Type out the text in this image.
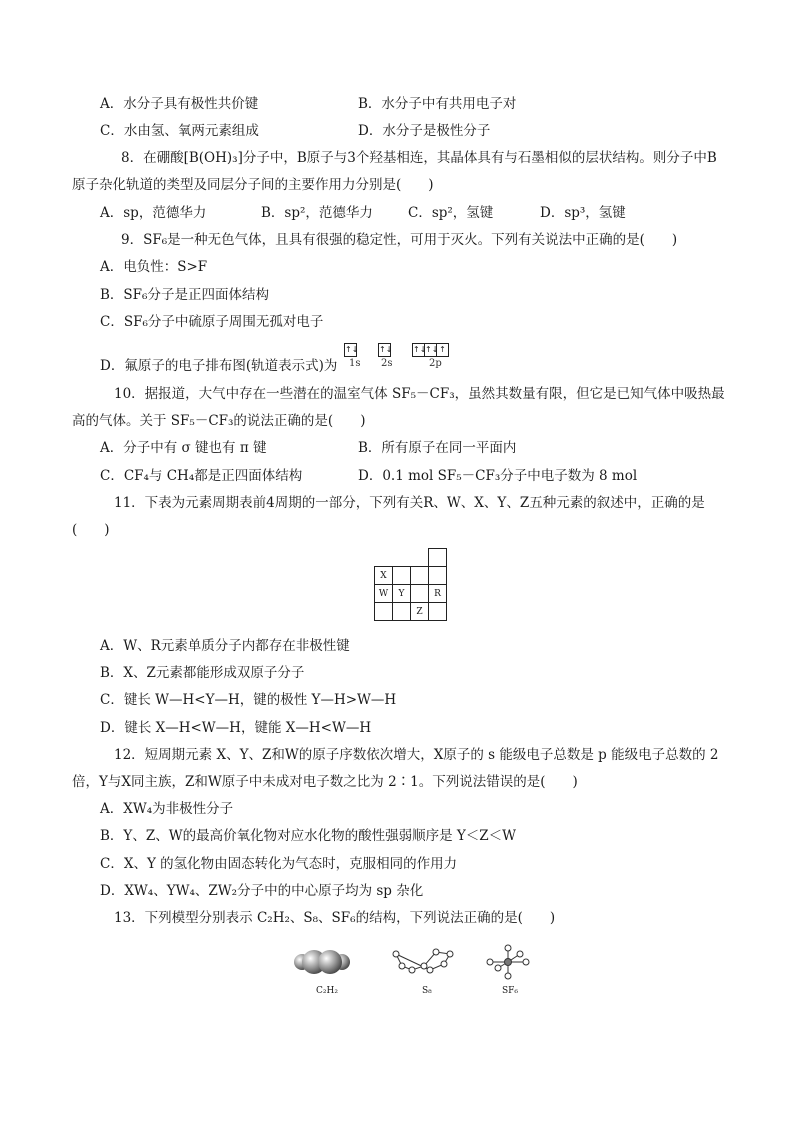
A．水分子具有极性共价键	B．水分子中有共用电子对
C．水由氢、氧两元素组成	D．水分子是极性分子
8．在硼酸[B(OH)₃]分子中，B原子与3个羟基相连，其晶体具有与石墨相似的层状结构。则分子中B
原子杂化轨道的类型及同层分子间的主要作用力分别是(　　)
A．sp，范德华力	B．sp²，范德华力	C．sp²，氢键	D．sp³，氢键
9．SF₆是一种无色气体，且具有很强的稳定性，可用于灭火。下列有关说法中正确的是(　　)
A．电负性：S>F
B．SF₆分子是正四面体结构
C．SF₆分子中硫原子周围无孤对电子
D．氟原子的电子排布图(轨道表示式)为
↑↓	↑↓	↑↓
↑↓ ↑
1s 2s	2p
10．据报道，大气中存在一些潜在的温室气体 SF₅－CF₃，虽然其数量有限，但它是已知气体中吸热最
高的气体。关于 SF₅－CF₃的说法正确的是(　　)
A．分子中有 σ 键也有 π 键	B．所有原子在同一平面内
C．CF₄与 CH₄都是正四面体结构	D．0.1 mol SF₅－CF₃分子中电子数为 8 mol
11．下表为元素周期表前4周期的一部分，下列有关R、W、X、Y、Z五种元素的叙述中，正确的是
(　　)

X			
W	Y		R
		Z	
A．W、R元素单质分子内都存在非极性键
B．X、Z元素都能形成双原子分子
C．键长 W—H<Y—H，键的极性 Y—H>W—H
D．键长 X—H<W—H，键能 X—H<W—H
12．短周期元素 X、Y、Z和W的原子序数依次增大，X原子的 s 能级电子总数是 p 能级电子总数的 2
倍，Y与X同主族，Z和W原子中未成对电子数之比为 2∶1。下列说法错误的是(　　)
A．XW₄为非极性分子
B．Y、Z、W的最高价氧化物对应水化物的酸性强弱顺序是 Y＜Z＜W
C．X、Y 的氢化物由固态转化为气态时，克服相同的作用力
D．XW₄、YW₄、ZW₂分子中的中心原子均为 sp 杂化
13．下列模型分别表示 C₂H₂、S₈、SF₆的结构，下列说法正确的是(　　)
C₂H₂	S₈	SF₆
